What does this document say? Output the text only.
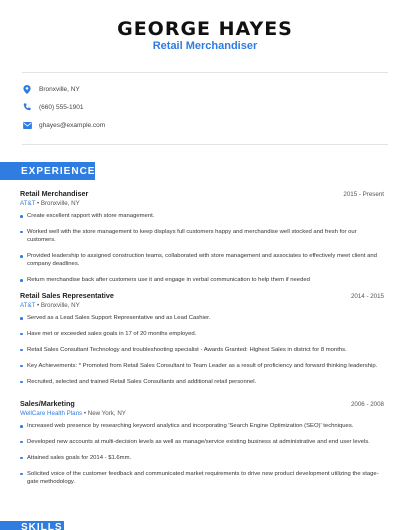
GEORGE HAYES
Retail Merchandiser
Bronxville, NY
(660) 555-1901
ghayes@example.com
EXPERIENCE
Retail Merchandiser	2015 - Present
AT&T • Bronxville, NY
Create excellent rapport with store management.
Worked well with the store management to keep displays full customers happy and merchandise well stocked and fresh for our customers.
Provided leadership to assigned construction teams, collaborated with store management and associates to effectively meet client and company deadlines.
Return merchandise back after customers use it and engage in verbal communication to help them if needed
Retail Sales Representative	2014 - 2015
AT&T • Bronxville, NY
Served as a Lead Sales Support Representative and as Lead Cashier.
Have met or exceeded sales goals in 17 of 20 months employed.
Retail Sales Consultant Technology and troubleshooting specialist - Awards Granted: Highest Sales in district for 8 months.
Key Achievements: * Promoted from Retail Sales Consultant to Team Leader as a result of proficiency and forward thinking leadership.
Recruited, selected and trained Retail Sales Consultants and additional retail personnel.
Sales/Marketing	2006 - 2008
WellCare Health Plans • New York, NY
Increased web presence by researching keyword analytics and incorporating 'Search Engine Optimization (SEO)' techniques.
Developed new accounts at multi-decision levels as well as manage/service existing business at administrative and end user levels.
Attained sales goals for 2014 - $1.6mm.
Solicited voice of the customer feedback and communicated market requirements to drive new product development utilizing the stage-gate methodology.
SKILLS
